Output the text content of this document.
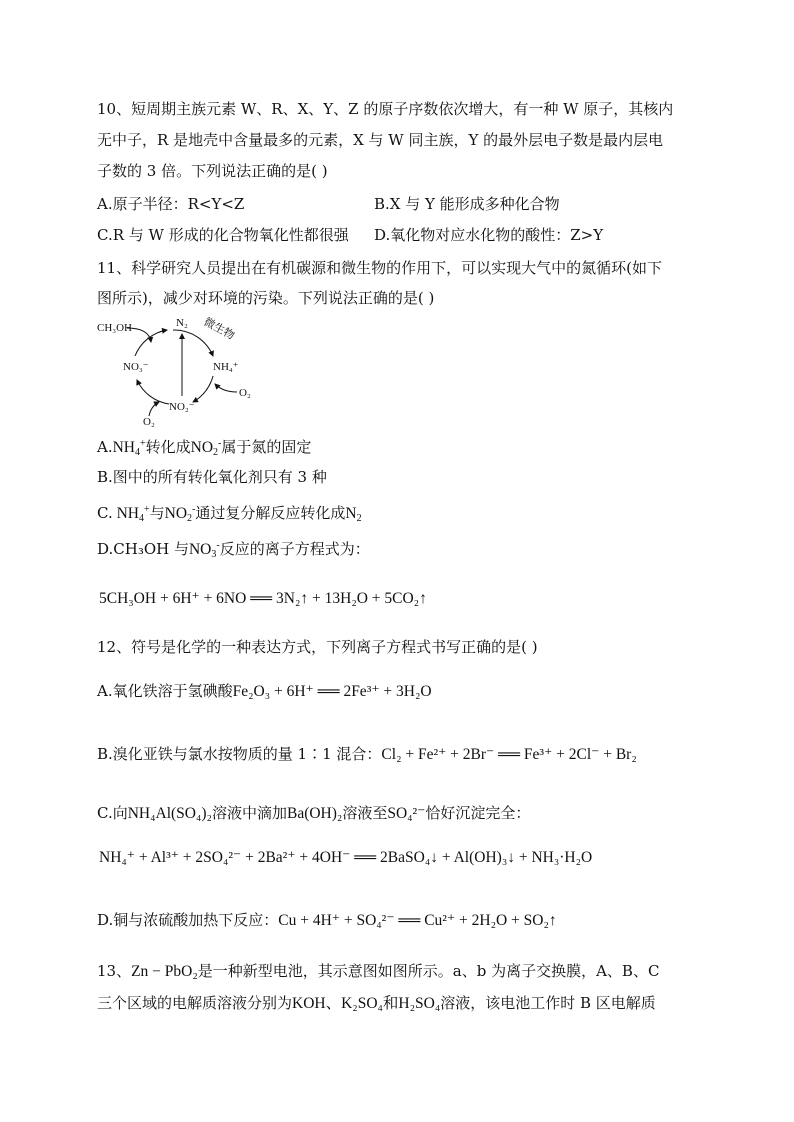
10、短周期主族元素 W、R、X、Y、Z 的原子序数依次增大，有一种 W 原子，其核内
无中子，R 是地壳中含量最多的元素，X 与 W 同主族，Y 的最外层电子数是最内层电
子数的 3 倍。下列说法正确的是( )
A.原子半径：R<Y<Z	B.X 与 Y 能形成多种化合物
C.R 与 W 形成的化合物氧化性都很强 D.氧化物对应水化物的酸性：Z>Y
11、科学研究人员提出在有机碳源和微生物的作用下，可以实现大气中的氮循环(如下
图所示)，减少对环境的污染。下列说法正确的是( )
CH₃OH	N₂ 微生物
NO₃⁻	NH₄⁺
O₂
NO₂⁻
O₂
$A.NH_4^+$转化成$NO_2^-$属于氮的固定
B.图中的所有转化氧化剂只有 3 种
C. $NH_4^+$与$NO_2^-$通过复分解反应转化成$N_2$
D.CH₃OH 与$NO_3^-$反应的离子方程式为：
5CH₃OH + 6H⁺ + 6NO ══ 3N₂↑ + 13H₂O + 5CO₂↑
12、符号是化学的一种表达方式，下列离子方程式书写正确的是( )
A.氧化铁溶于氢碘酸Fe₂O₃ + 6H⁺ ══ 2Fe³⁺ + 3H₂O
B.溴化亚铁与氯水按物质的量 1∶1 混合：Cl₂ + Fe²⁺ + 2Br⁻ ══ Fe³⁺ + 2Cl⁻ + Br₂
C.向NH₄Al(SO₄)₂溶液中滴加Ba(OH)₂溶液至SO₄²⁻恰好沉淀完全：
NH₄⁺ + Al³⁺ + 2SO₄²⁻ + 2Ba²⁺ + 4OH⁻ ══ 2BaSO₄↓ + Al(OH)₃↓ + NH₃·H₂O
D.铜与浓硫酸加热下反应：Cu + 4H⁺ + SO₄²⁻ ══ Cu²⁺ + 2H₂O + SO₂↑
13、Zn − PbO₂是一种新型电池，其示意图如图所示。a、b 为离子交换膜，A、B、C
三个区域的电解质溶液分别为KOH、K₂SO₄和H₂SO₄溶液，该电池工作时 B 区电解质
